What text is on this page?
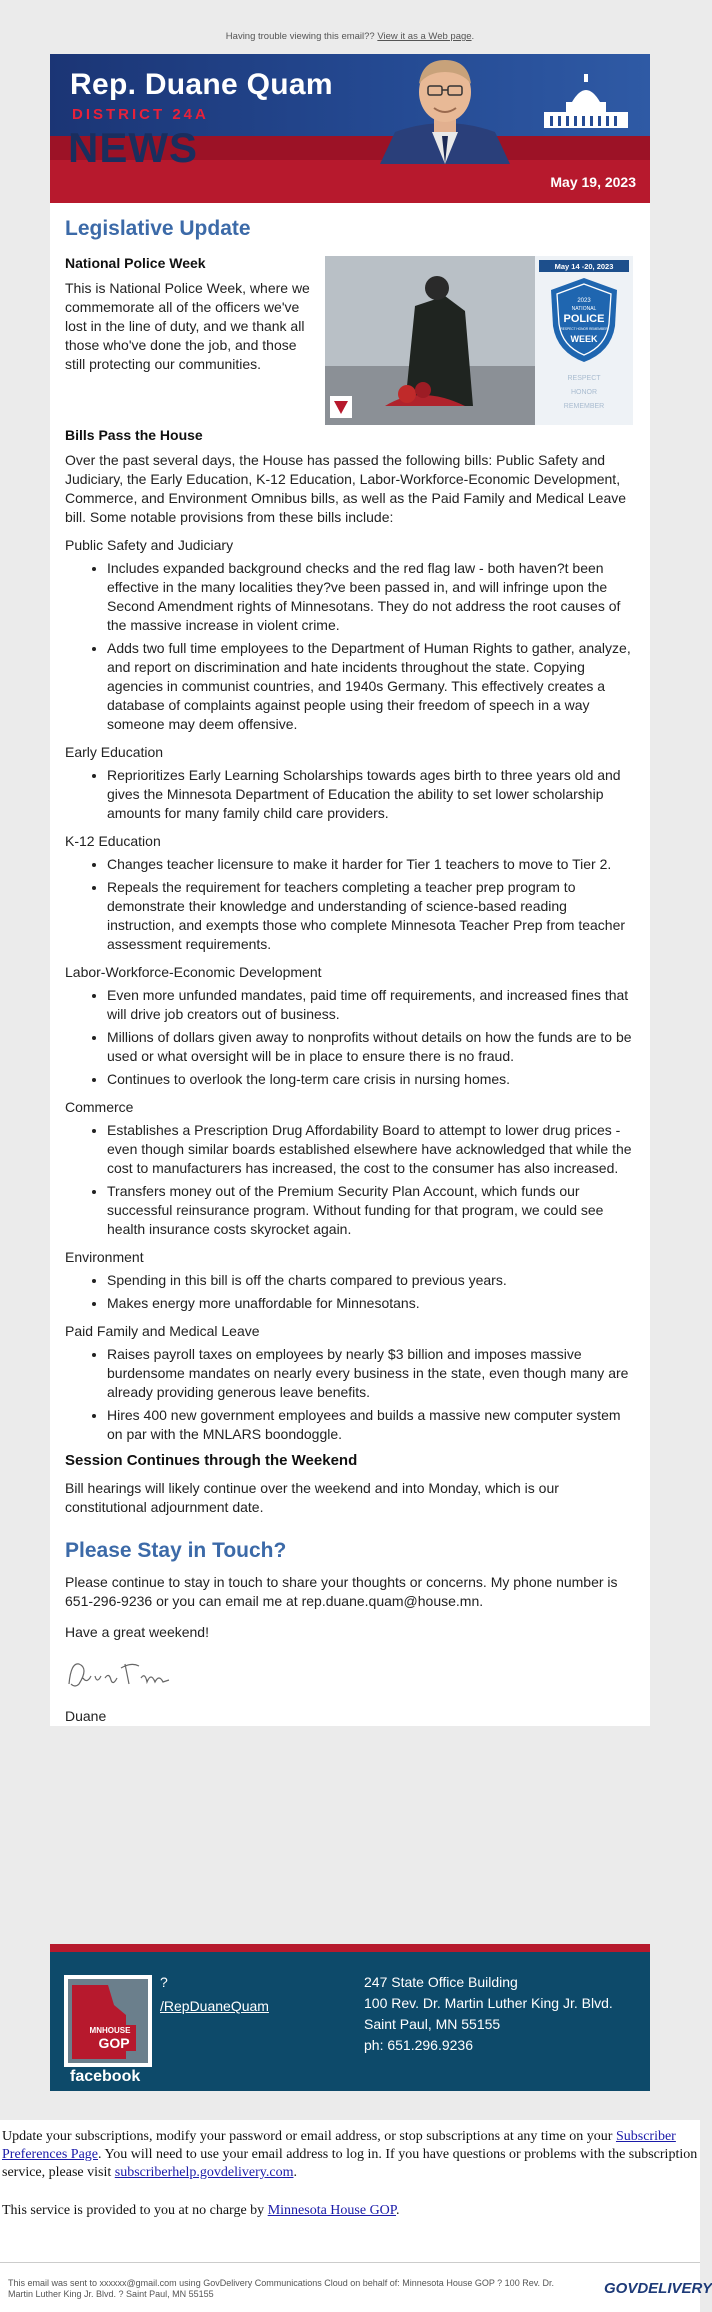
Having trouble viewing this email?? View it as a Web page.
Rep. Duane Quam
DISTRICT 24A
NEWS
May 19, 2023
Legislative Update
National Police Week

This is National Police Week, where we commemorate all of the officers we've lost in the line of duty, and we thank all those who've done the job, and those still protecting our communities.

May 14 -20, 2023
2023
NATIONAL
POLICE
RESPECT HONOR REMEMBER
WEEK
RESPECT
HONOR
REMEMBER
Bills Pass the House

Over the past several days, the House has passed the following bills: Public Safety and Judiciary, the Early Education, K-12 Education, Labor-Workforce-Economic Development, Commerce, and Environment Omnibus bills, as well as the Paid Family and Medical Leave bill. Some notable provisions from these bills include:

Public Safety and Judiciary
• Includes expanded background checks and the red flag law - both haven?t been effective in the many localities they?ve been passed in, and will infringe upon the Second Amendment rights of Minnesotans. They do not address the root causes of the massive increase in violent crime.
• Adds two full time employees to the Department of Human Rights to gather, analyze, and report on discrimination and hate incidents throughout the state. Copying agencies in communist countries, and 1940s Germany. This effectively creates a database of complaints against people using their freedom of speech in a way someone may deem offensive.
Early Education
• Reprioritizes Early Learning Scholarships towards ages birth to three years old and gives the Minnesota Department of Education the ability to set lower scholarship amounts for many family child care providers.
K-12 Education
• Changes teacher licensure to make it harder for Tier 1 teachers to move to Tier 2.
• Repeals the requirement for teachers completing a teacher prep program to demonstrate their knowledge and understanding of science-based reading instruction, and exempts those who complete Minnesota Teacher Prep from teacher assessment requirements.
Labor-Workforce-Economic Development
• Even more unfunded mandates, paid time off requirements, and increased fines that will drive job creators out of business.
• Millions of dollars given away to nonprofits without details on how the funds are to be used or what oversight will be in place to ensure there is no fraud.
• Continues to overlook the long-term care crisis in nursing homes.
Commerce
• Establishes a Prescription Drug Affordability Board to attempt to lower drug prices - even though similar boards established elsewhere have acknowledged that while the cost to manufacturers has increased, the cost to the consumer has also increased.
• Transfers money out of the Premium Security Plan Account, which funds our successful reinsurance program. Without funding for that program, we could see health insurance costs skyrocket again.
Environment
• Spending in this bill is off the charts compared to previous years.
• Makes energy more unaffordable for Minnesotans.
Paid Family and Medical Leave
• Raises payroll taxes on employees by nearly $3 billion and imposes massive burdensome mandates on nearly every business in the state, even though many are already providing generous leave benefits.
• Hires 400 new government employees and builds a massive new computer system on par with the MNLARS boondoggle.
Session Continues through the Weekend

Bill hearings will likely continue over the weekend and into Monday, which is our constitutional adjournment date.

Please Stay in Touch?

Please continue to stay in touch to share your thoughts or concerns. My phone number is 651-296-9236 or you can email me at rep.duane.quam@house.mn.

Have a great weekend!

Duane

MNHOUSE
GOP
facebook
?
/RepDuaneQuam
247 State Office Building
100 Rev. Dr. Martin Luther King Jr. Blvd.
Saint Paul, MN 55155
ph: 651.296.9236
Update your subscriptions, modify your password or email address, or stop subscriptions at any time on your Subscriber Preferences Page. You will need to use your email address to log in. If you have questions or problems with the subscription service, please visit subscriberhelp.govdelivery.com.
This service is provided to you at no charge by Minnesota House GOP.
This email was sent to xxxxxx@gmail.com using GovDelivery Communications Cloud on behalf of: Minnesota House GOP ? 100 Rev. Dr. Martin Luther King Jr. Blvd. ? Saint Paul, MN 55155	GOVDELIVERY
